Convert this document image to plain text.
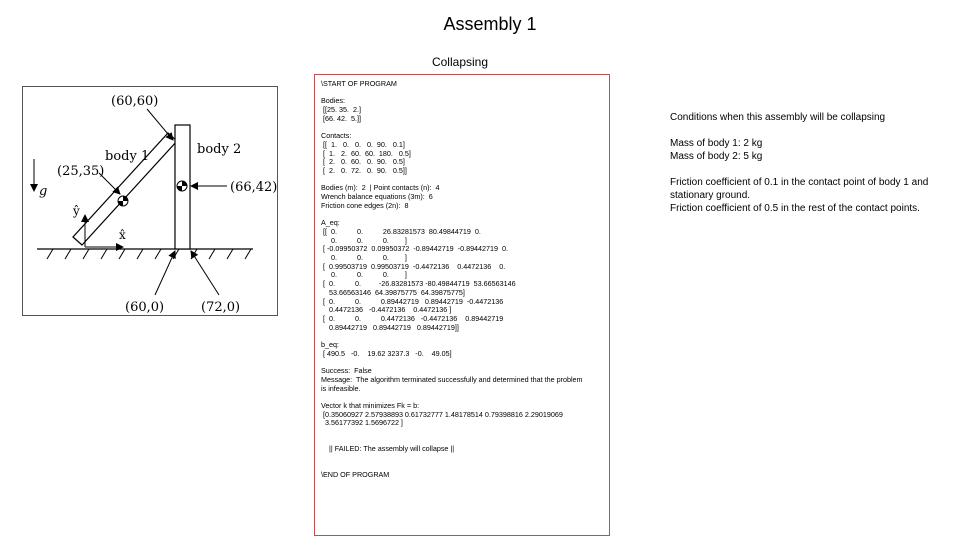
Assembly 1
Collapsing
(60,60)
body 1	body 2
(25,35)
(66,42)
g
ŷ
x̂
(60,0)	(72,0)
\START OF PROGRAM
Bodies:
[[25. 35.  2.]
[66. 42.  5.]]
Contacts:
[[  1.   0.   0.   0.  90.   0.1]
[  1.   2.  60.  60.  180.   0.5]
[  2.   0.  60.   0.  90.   0.5]
[  2.   0.  72.   0.  90.   0.5]]
Bodies (m):  2  | Point contacts (n):  4
Wrench balance equations (3m):  6
Friction cone edges (2n):  8
A_eq:
[[  0.          0.          26.83281573  80.49844719  0.
0.          0.          0.        ]
[ -0.09950372  0.09950372  -0.89442719  -0.89442719  0.
0.          0.          0.        ]
[  0.99503719  0.99503719  -0.4472136    0.4472136    0.
0.          0.          0.        ]
[  0.          0.         -26.83281573 -80.49844719  53.66563146
53.66563146  64.39875775  64.39875775]
[  0.          0.          0.89442719   0.89442719  -0.4472136
0.4472136   -0.4472136    0.4472136 ]
[  0.          0.          0.4472136   -0.4472136    0.89442719
0.89442719   0.89442719   0.89442719]]
b_eq:
[ 490.5   -0.    19.62 3237.3   -0.    49.05]
Success:  False
Message:  The algorithm terminated successfully and determined that the problem
is infeasible.
Vector k that minimizes Fk = b:
[0.35060927 2.57938893 0.61732777 1.48178514 0.79398816 2.29019069
3.56177392 1.5696722 ]
|| FAILED: The assembly will collapse ||
\END OF PROGRAM

Conditions when this assembly will be collapsing

Mass of body 1: 2 kg

Mass of body 2: 5 kg

Friction coefficient of 0.1 in the contact point of body 1 and stationary ground.

Friction coefficient of 0.5 in the rest of the contact points.
